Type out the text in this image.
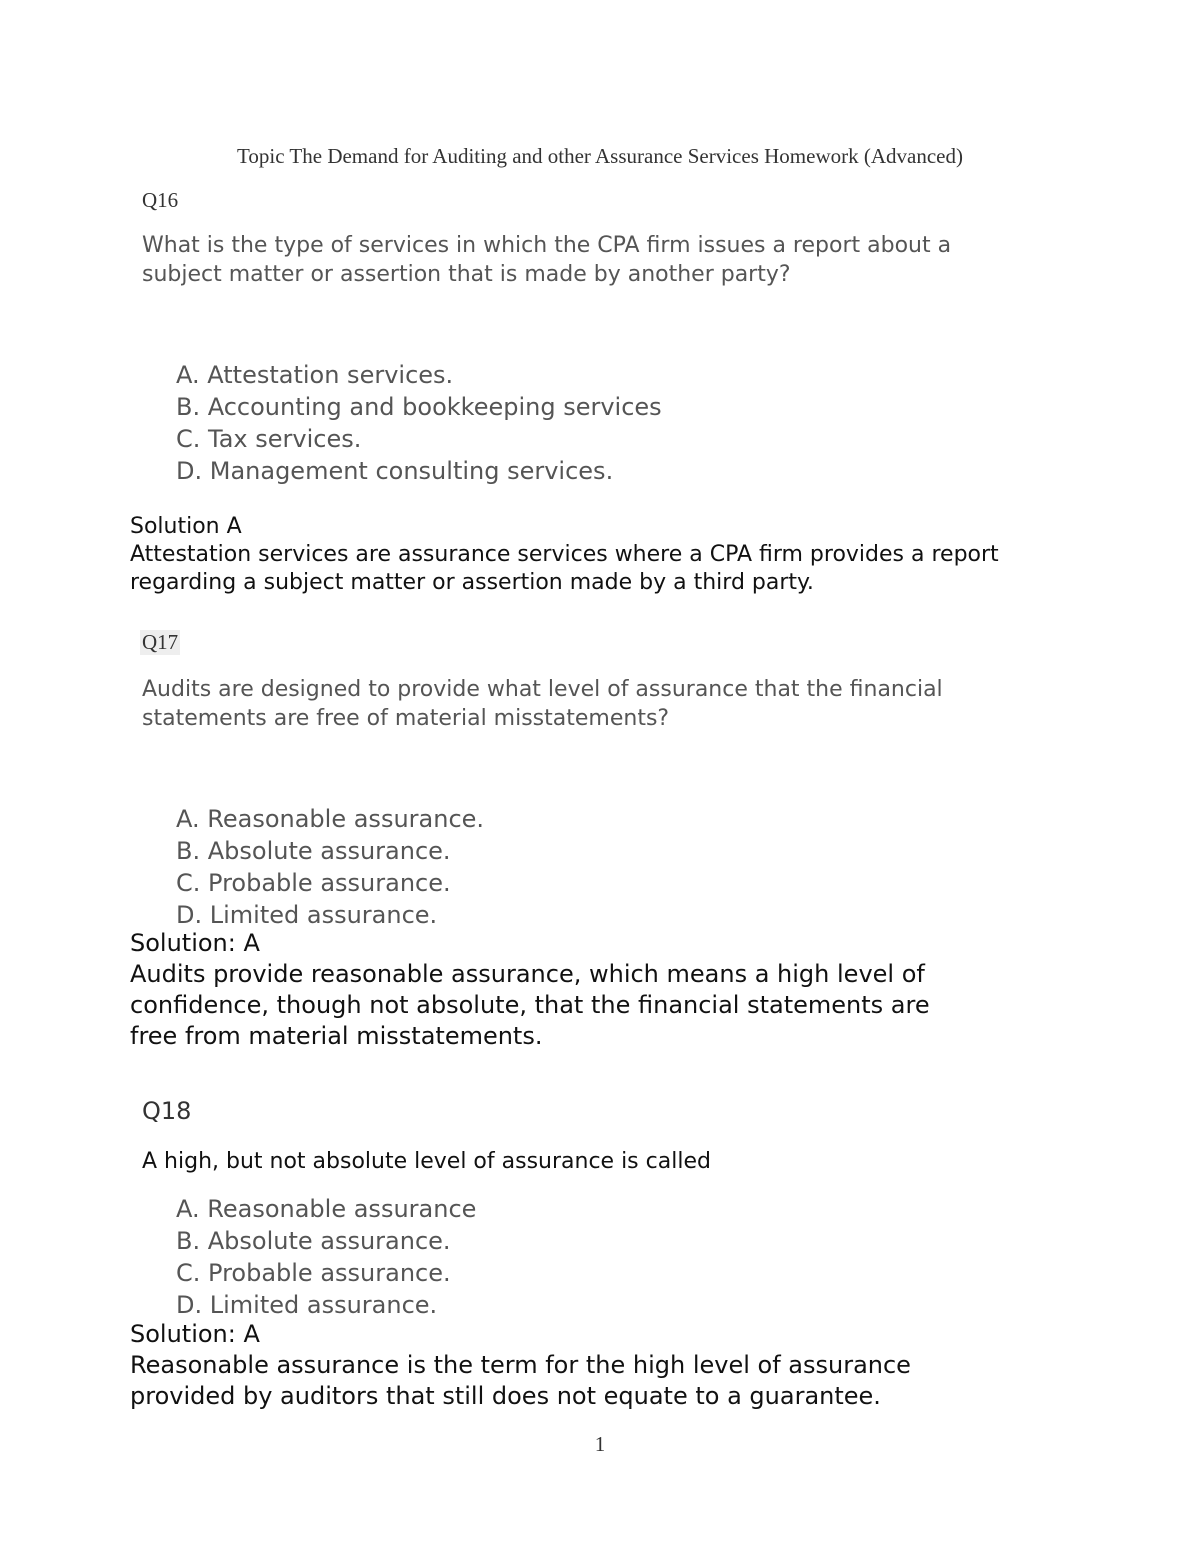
Topic The Demand for Auditing and other Assurance Services Homework (Advanced)
Q16
What is the type of services in which the CPA firm issues a report about a
subject matter or assertion that is made by another party?
A. Attestation services.
B. Accounting and bookkeeping services
C. Tax services.
D. Management consulting services.
Solution A
Attestation services are assurance services where a CPA firm provides a report
regarding a subject matter or assertion made by a third party.
Q17
Audits are designed to provide what level of assurance that the financial
statements are free of material misstatements?
A. Reasonable assurance.
B. Absolute assurance.
C. Probable assurance.
D. Limited assurance.
Solution: A
Audits provide reasonable assurance, which means a high level of
confidence, though not absolute, that the financial statements are
free from material misstatements.
Q18
A high, but not absolute level of assurance is called
A. Reasonable assurance
B. Absolute assurance.
C. Probable assurance.
D. Limited assurance.
Solution: A
Reasonable assurance is the term for the high level of assurance
provided by auditors that still does not equate to a guarantee.
1
